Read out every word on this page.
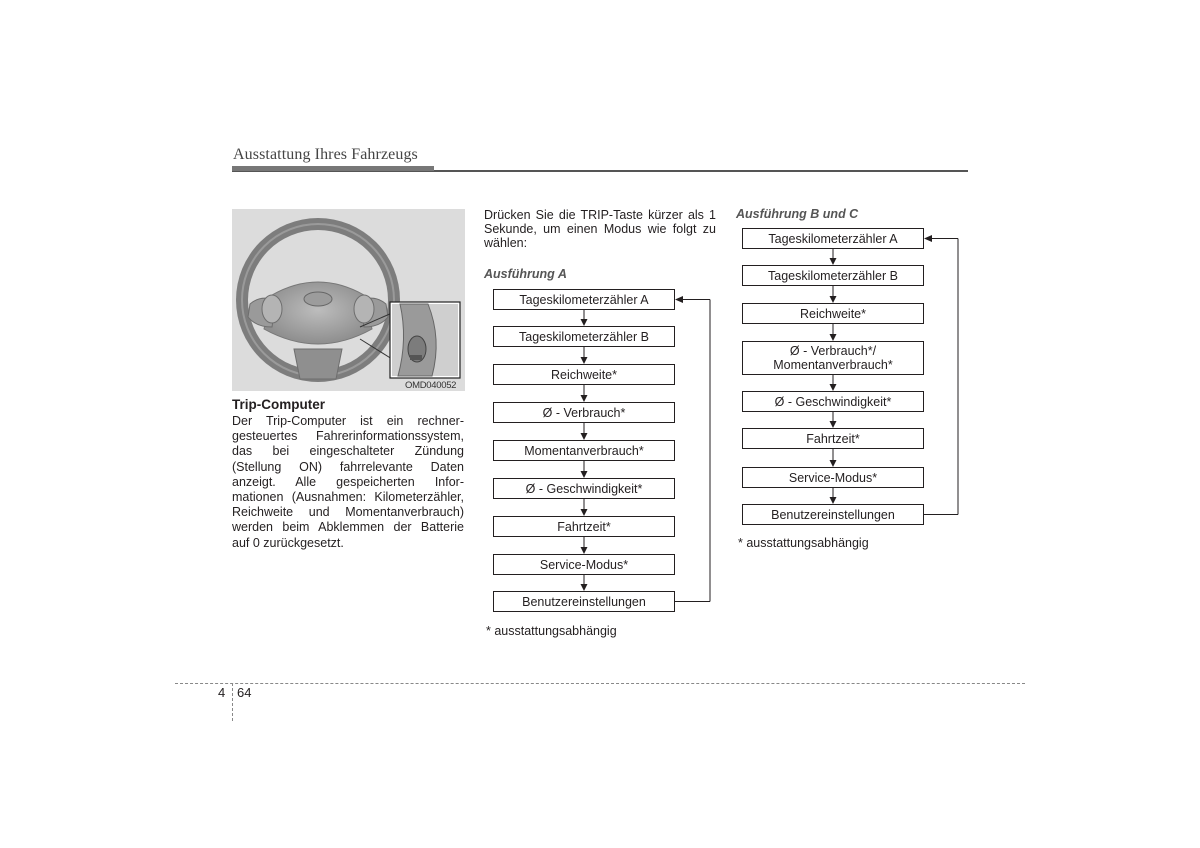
Ausstattung Ihres Fahrzeugs
OMD040052
Trip-Computer
Der Trip-Computer ist ein rechner-
gesteuertes Fahrerinformationssystem,
das bei eingeschalteter Zündung
(Stellung ON) fahrrelevante Daten
anzeigt. Alle gespeicherten Infor-
mationen (Ausnahmen: Kilometerzähler,
Reichweite und Momentanverbrauch)
werden beim Abklemmen der Batterie
auf 0 zurückgesetzt.
Drücken Sie die TRIP-Taste kürzer als 1
Sekunde, um einen Modus wie folgt zu
wählen:
Ausführung A
Tageskilometerzähler A
Tageskilometerzähler B
Reichweite*
Ø - Verbrauch*
Momentanverbrauch*
Ø - Geschwindigkeit*
Fahrtzeit*
Service-Modus*
Benutzereinstellungen
* ausstattungsabhängig
Ausführung B und C
Tageskilometerzähler A
Tageskilometerzähler B
Reichweite*
Ø - Verbrauch*/
Momentanverbrauch*
Ø - Geschwindigkeit*
Fahrtzeit*
Service-Modus*
Benutzereinstellungen
* ausstattungsabhängig
4 64
